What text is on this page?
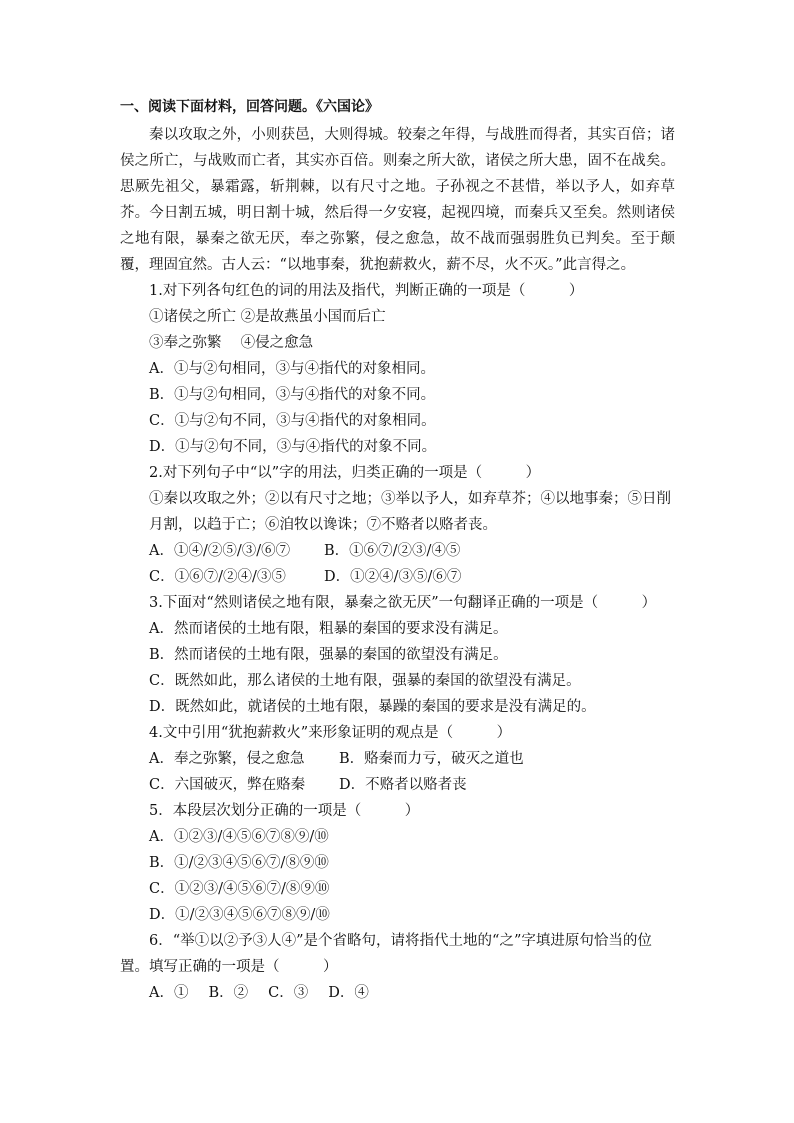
一、阅读下面材料，回答问题。《六国论》

秦以攻取之外，小则获邑，大则得城。较秦之年得，与战胜而得者，其实百倍；诸侯之所亡，与战败而亡者，其实亦百倍。则秦之所大欲，诸侯之所大患，固不在战矣。思厥先祖父，暴霜露，斩荆棘，以有尺寸之地。子孙视之不甚惜，举以予人，如弃草芥。今日割五城，明日割十城，然后得一夕安寝，起视四境，而秦兵又至矣。然则诸侯之地有限，暴秦之欲无厌，奉之弥繁，侵之愈急，故不战而强弱胜负已判矣。至于颠覆，理固宜然。古人云：“以地事秦，犹抱薪救火，薪不尽，火不灭。”此言得之。

1.对下列各句红色的词的用法及指代，判断正确的一项是（　　　）
①诸侯之所亡 ②是故燕虽小国而后亡
③奉之弥繁　 ④侵之愈急
A．①与②句相同，③与④指代的对象相同。
B．①与②句相同，③与④指代的对象不同。
C．①与②句不同，③与④指代的对象相同。
D．①与②句不同，③与④指代的对象不同。
2.对下列句子中“以”字的用法，归类正确的一项是（　　　）
①秦以攻取之外；②以有尺寸之地；③举以予人，如弃草芥；④以地事秦；⑤日削月割，以趋于亡；⑥洎牧以谗诛；⑦不赂者以赂者丧。
A．①④/②⑤/③/⑥⑦ B．①⑥⑦/②③/④⑤
C．①⑥⑦/②④/③⑤	D．①②④/③⑤/⑥⑦
3.下面对“然则诸侯之地有限，暴秦之欲无厌”一句翻译正确的一项是（　　　）
A．然而诸侯的土地有限，粗暴的秦国的要求没有满足。
B．然而诸侯的土地有限，强暴的秦国的欲望没有满足。
C．既然如此，那么诸侯的土地有限，强暴的秦国的欲望没有满足。
D．既然如此，就诸侯的土地有限，暴躁的秦国的要求是没有满足的。
4.文中引用“犹抱薪救火”来形象证明的观点是（　　　）
A．奉之弥繁，侵之愈急 B．赂秦而力亏，破灭之道也
C．六国破灭，弊在赂秦 D．不赂者以赂者丧
5．本段层次划分正确的一项是（　　　）
A．①②③/④⑤⑥⑦⑧⑨/⑩
B．①/②③④⑤⑥⑦/⑧⑨⑩
C．①②③/④⑤⑥⑦/⑧⑨⑩
D．①/②③④⑤⑥⑦⑧⑨/⑩
6．“举①以②予③人④”是个省略句，请将指代土地的“之”字填进原句恰当的位置。填写正确的一项是（　　　）
A．① B．② C．③ D．④
